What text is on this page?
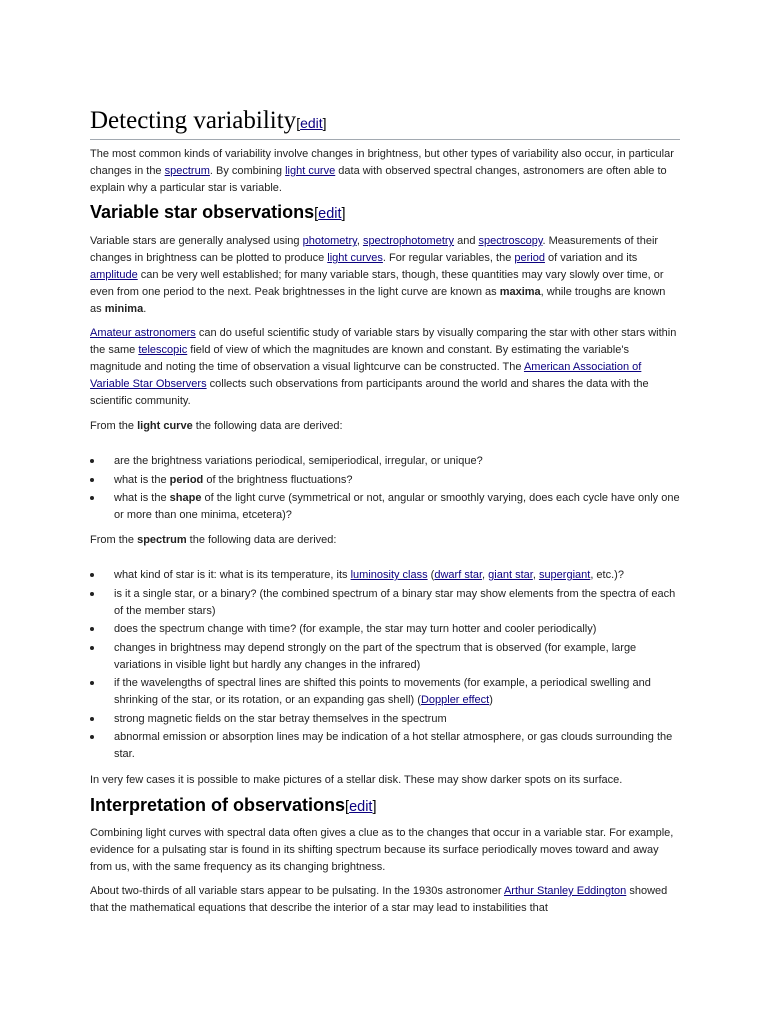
Detecting variability[edit]
The most common kinds of variability involve changes in brightness, but other types of variability also occur, in particular changes in the spectrum. By combining light curve data with observed spectral changes, astronomers are often able to explain why a particular star is variable.
Variable star observations[edit]
Variable stars are generally analysed using photometry, spectrophotometry and spectroscopy. Measurements of their changes in brightness can be plotted to produce light curves. For regular variables, the period of variation and its amplitude can be very well established; for many variable stars, though, these quantities may vary slowly over time, or even from one period to the next. Peak brightnesses in the light curve are known as maxima, while troughs are known as minima.
Amateur astronomers can do useful scientific study of variable stars by visually comparing the star with other stars within the same telescopic field of view of which the magnitudes are known and constant. By estimating the variable's magnitude and noting the time of observation a visual lightcurve can be constructed. The American Association of Variable Star Observers collects such observations from participants around the world and shares the data with the scientific community.
From the light curve the following data are derived:
are the brightness variations periodical, semiperiodical, irregular, or unique?
what is the period of the brightness fluctuations?
what is the shape of the light curve (symmetrical or not, angular or smoothly varying, does each cycle have only one or more than one minima, etcetera)?
From the spectrum the following data are derived:
what kind of star is it: what is its temperature, its luminosity class (dwarf star, giant star, supergiant, etc.)?
is it a single star, or a binary? (the combined spectrum of a binary star may show elements from the spectra of each of the member stars)
does the spectrum change with time? (for example, the star may turn hotter and cooler periodically)
changes in brightness may depend strongly on the part of the spectrum that is observed (for example, large variations in visible light but hardly any changes in the infrared)
if the wavelengths of spectral lines are shifted this points to movements (for example, a periodical swelling and shrinking of the star, or its rotation, or an expanding gas shell) (Doppler effect)
strong magnetic fields on the star betray themselves in the spectrum
abnormal emission or absorption lines may be indication of a hot stellar atmosphere, or gas clouds surrounding the star.
In very few cases it is possible to make pictures of a stellar disk. These may show darker spots on its surface.
Interpretation of observations[edit]
Combining light curves with spectral data often gives a clue as to the changes that occur in a variable star. For example, evidence for a pulsating star is found in its shifting spectrum because its surface periodically moves toward and away from us, with the same frequency as its changing brightness.
About two-thirds of all variable stars appear to be pulsating. In the 1930s astronomer Arthur Stanley Eddington showed that the mathematical equations that describe the interior of a star may lead to instabilities that
